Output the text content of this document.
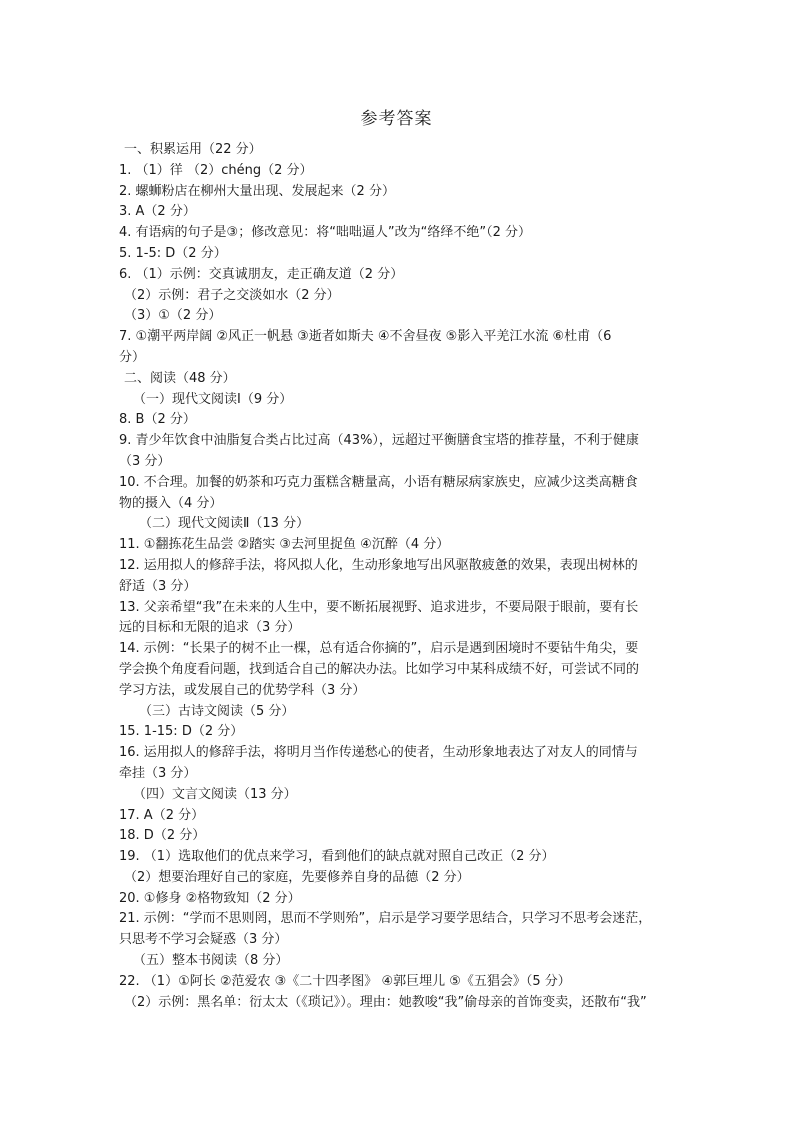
参考答案
一、积累运用（22 分）
1. （1）徉 （2）chéng（2 分）
2. 螺蛳粉店在柳州大量出现、发展起来（2 分）
3. A（2 分）
4. 有语病的句子是③；修改意见：将“咄咄逼人”改为“络绎不绝”（2 分）
5. 1-5: D（2 分）
6. （1）示例：交真诚朋友，走正确友道（2 分）
（2）示例：君子之交淡如水（2 分）
（3）①（2 分）
7. ①潮平两岸阔 ②风正一帆悬 ③逝者如斯夫 ④不舍昼夜 ⑤影入平羌江水流 ⑥杜甫（6
分）
二、阅读（48 分）
（一）现代文阅读Ⅰ（9 分）
8. B（2 分）
9. 青少年饮食中油脂复合类占比过高（43%），远超过平衡膳食宝塔的推荐量，不利于健康
（3 分）
10. 不合理。加餐的奶茶和巧克力蛋糕含糖量高，小语有糖尿病家族史，应减少这类高糖食
物的摄入（4 分）
（二）现代文阅读Ⅱ（13 分）
11. ①翻拣花生品尝 ②踏实 ③去河里捉鱼 ④沉醉（4 分）
12. 运用拟人的修辞手法，将风拟人化，生动形象地写出风驱散疲惫的效果，表现出树林的
舒适（3 分）
13. 父亲希望“我”在未来的人生中，要不断拓展视野、追求进步，不要局限于眼前，要有长
远的目标和无限的追求（3 分）
14. 示例：“长果子的树不止一棵，总有适合你摘的”，启示是遇到困境时不要钻牛角尖，要
学会换个角度看问题，找到适合自己的解决办法。比如学习中某科成绩不好，可尝试不同的
学习方法，或发展自己的优势学科（3 分）
（三）古诗文阅读（5 分）
15. 1-15: D（2 分）
16. 运用拟人的修辞手法，将明月当作传递愁心的使者，生动形象地表达了对友人的同情与
牵挂（3 分）
（四）文言文阅读（13 分）
17. A（2 分）
18. D（2 分）
19. （1）选取他们的优点来学习，看到他们的缺点就对照自己改正（2 分）
（2）想要治理好自己的家庭，先要修养自身的品德（2 分）
20. ①修身 ②格物致知（2 分）
21. 示例：“学而不思则罔，思而不学则殆”，启示是学习要学思结合，只学习不思考会迷茫，
只思考不学习会疑惑（3 分）
（五）整本书阅读（8 分）
22. （1）①阿长 ②范爱农 ③《二十四孝图》 ④郭巨埋儿 ⑤《五猖会》（5 分）
（2）示例：黑名单：衍太太（《琐记》）。理由：她教唆“我”偷母亲的首饰变卖，还散布“我”
